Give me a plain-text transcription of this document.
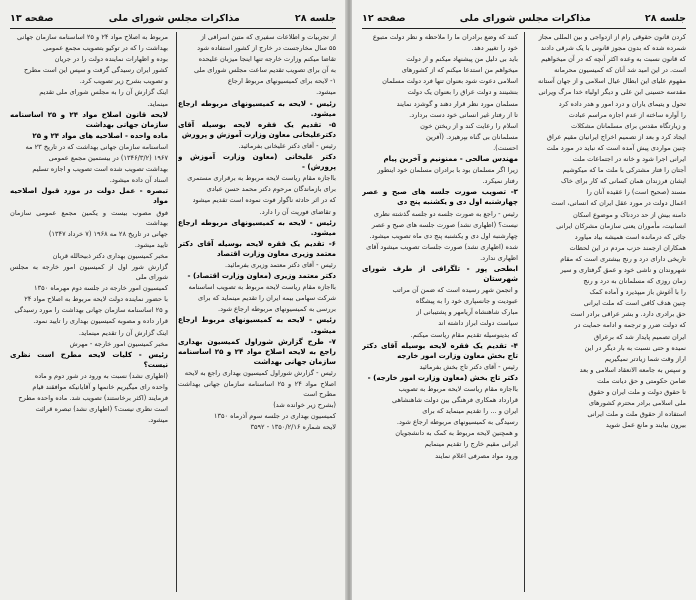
جلسه ۲۸
مذاکرات مجلس شورای ملی
صفحه ۱۳

از تجربیات و اطلاعات سفیری که متین اسرافی از

۵۵ سال مخارجست در خارج از کشور استفاده شود

تقاضا میکنم وزارت خارجه تنها اینجا میزبان علیحده

به آن برای تصویب تقدیم ساعت مجلس شورای ملی

۱- لایحه برای کمیسیونهای مربوط ارجاع

میشود.

رئیس - لایحه به کمیسیونهای مربوطه ارجاع میشود.

۵- تقدیم یک فقره لایحه بوسیله آقای دکترعلیخانی معاون وزارت آموزش و پرورش

رئیس - آقای دکتر علیخانی بفرمائید.

دکتر علیخانی (معاون وزارت آموزش و پرورش) -

بااجازه مقام ریاست لایحه مربوط به برقراری مستمری

برای بازماندگان مرحوم دکتر محمد حسن عبادی

که در اثر حادثه ناگوار فوت نموده است تقدیم میشود

و تقاضای فوریت آن را دارد.

رئیس - لایحه به کمیسیونهای مربوطه ارجاع میشود.

۶- تقدیم یک فقره لایحه بوسیله آقای دکتر معتمد وزیری معاون وزارت اقتصاد

رئیس - آقای دکتر معتمد وزیری بفرمائید.

دکتر معتمد وزیری (معاون وزارت اقتصاد) -

بااجازه مقام ریاست لایحه مربوط به تصویب اساسنامه

شرکت سهامی بیمه ایران را تقدیم مینماید که برای

بررسی به کمیسیونهای مربوطه ارجاع شود.

رئیس - لایحه به کمیسیونهای مربوط ارجاع میشود.

۷- طرح گزارش شوراول کمیسیون بهداری راجع به لایحه اصلاح مواد ۲۴ و ۲۵ اساسنامه سازمان جهانی بهداشت

رئیس - گزارش شوراول کمیسیون بهداری راجع به لایحه

اصلاح مواد ۲۴ و ۲۵ اساسنامه سازمان جهانی بهداشت مطرح است

(بشرح زیر خوانده شد)

کمیسیون بهداری در جلسه سوم آذرماه ۱۳۵۰

لایحه شماره ۱۳۵۰/۲/۱۶ - ۳۵۹۲

مربوط به اصلاح مواد ۲۴ و ۲۵ اساسنامه سازمان جهانی

بهداشت را که در توکیو بتصویب مجمع عمومی

بوده و اظهارات نماینده دولت را در جریان

کشور ایران رسیدگی گرفت و سپس این است مطرح

و تصویب بشرح زیر تصویب کرد.

اینک گزارش آن را به مجلس شورای ملی تقدیم

مینماید.

لایحه قانون اصلاح مواد ۲۴ و ۲۵ اساسنامه سازمان جهانی بهداشت

ماده واحده - اصلاحیه های مواد ۲۴ و ۲۵

اساسنامه سازمان جهانی بهداشت که در تاریخ ۲۳ مه

۱۹۶۷ (۱۳۴۶/۳/۲) در بیستمین مجمع عمومی

بهداشت تصویب شده است تصویب و اجازه تسلیم

اسناد آن داده میشود.

تبصره - عمل دولت در مورد قبول اصلاحیه مواد

فوق مصوب بیست و یکمین مجمع عمومی سازمان بهداشت

جهانی در تاریخ ۲۸ مه ۱۹۶۸ (۷ خرداد ۱۳۴۷)

تایید میشود.

مخبر کمیسیون بهداری دکتر ذبیحالله قربان

گزارش شور اول از کمیسیون امور خارجه به مجلس شورای ملی

کمیسیون امور خارجه در جلسه دوم مهرماه ۱۳۵۰

با حضور نماینده دولت لایحه مربوط به اصلاح مواد ۲۴

و ۲۵ اساسنامه سازمان جهانی بهداشت را مورد رسیدگی

قرار داده و مصوبه کمیسیون بهداری را تایید نمود.

اینک گزارش آن را تقدیم مینماید.

مخبر کمیسیون امور خارجه - مهرش

رئیس - کلیات لایحه مطرح است نظری نیست؟

(اظهاری نشد) نسبت به ورود در شور دوم و ماده

واحده رای میگیریم خانمها و آقایانیکه موافقند قیام

فرمایند (اکثر برخاستند) تصویب شد. ماده واحده مطرح

است نظری نیست؟ (اظهاری نشد) تبصره قرائت

میشود.

جلسه ۲۸
مذاکرات مجلس شورای ملی
صفحه ۱۲

کردن قانون حقوقی رام از ازدواجی و بین المللی مجاز

شمرده شده که بدون مجوز قانونی با یک شرقی دادند

که قانون نسبت به وعده اکثر آنچه که در آن میخواهیم

است. در این امید شد آنان که کمیسیون محرمانه

مفهوم علیای این ابطال عیال اسلامی و از جهان آستانه

مقدسه حسینی ابن علی و دیگر اولیاء خدا مرگ ویرانی

تحول و یتیمای یاران و درد امور و هدر داده کرد

را آواره ساخته از عدم اجازه مراسم عبادت

و زیارتگاه مقدس برای مسلمانان مشکلات

ایجاد کرد و بعد از تصمیم اخراج ایرانیان مقیم عراق

چنین مواردی پیش آمده است که نباید در مورد ملت

ایرانی اجرا شود و خانه در اجتماعات ملت

آجتان را فتار مشترکی با ملت ما که میکوشیم

ایشان فرزندان همان کسانی که کار برای خاک

مسند (صحیح است) را عقیده آنان را

اعمال دولت در مورد عقل ایران که انسانی، است

دامنه بیش از حد دردناک و موضوع اسکان

انسانیت، مأموران یعنی سازمان مشرکان ایرانی

جائی که درمانده است همیشه بیاد میاورد

همکاران ارجمند حزب مردم در این لحظات

تاریخی دارای درد و رنج بیشتری است که مقام

شهروندان و ناشی خود و عمق گرفتاری و سیر

زمان روزی که مسلمانان به درد و رنج

را با آغوش باز میپذیرد و آماده کمک

چنین هدف کافی است که ملت ایرانی

حق برادری دارد. و بشر عراقی برادر است

که دولت ضرر و ترجمه و ادامه حمایت در

ایران تصمیم پایدار شد که برعراق

نمیده و حتی نسبت به بار دیگر در این

اراز وقت شما زیادتر نمیگیریم

و سپس به جامعه الانعقاد اسلامی و بعد

ضامن حکومتی و حق دیانت ملت

تا حقوق دولت و ملت ایران و حقوق

ملی اسلامی برادر محترم کشورهای

استفاده از حقوق ملت و ملت ایرانی

بیرون بیایند و مانع عمل شوید

کنند که وضع برادران ما را ملاحظه و نظر دولت متبوع

خود را تغییر دهد.

باید بی دلیل من پیشنهاد میکنم و از دولت

میخواهم من استدعا میکنم که از کشورهای

اسلامی دعوت شود بعنوان تنها فرد دولت مسلمان

بنشینند و دولت عراق را بعنوان یک دولت

مسلمان مورد نظر قرار دهند و گوشزد نمایند

تا از رفتار غیر انسانی خود دست بردارد.

اسلام را رعایت کند و از ریختن خون

مسلمانان بی گناه بپرهیزد. (آفرین

احسنت).

مهندس صالحی - ممنونیم و آخرین پیام

زیرا اگر مسلمان بود با برادران مسلمان خود اینطور

رفتار نمیکرد.

۳- تصویب صورت جلسه های صبح و عصر چهارشنبه اول دی و یکشنبه پنج دی

رئیس - راجع به صورت جلسه دو جلسه گذشته نظری

نیست؟ (اظهاری نشد) صورت جلسه های صبح و عصر

چهارشنبه اول دی و یکشنبه پنج دی ماه تصویب میشود.

شده (اظهاری نشد) صورت جلسات تصویب میشود آقای

اظهاری ندارد.

ابطحی پور - تلگرافی از طرف شورای شهرستان

و انجمن شهر رسیده است که ضمن آن مراتب

عبودیت و جانسپاری خود را به پیشگاه

مبارک شاهنشاه آریامهر و پشتیبانی از

سیاست دولت ابراز داشته اند

که بدینوسیله تقدیم مقام ریاست میکنم.

۴- تقدیم یک فقره لایحه بوسیله آقای دکتر تاج بخش معاون وزارت امور خارجه

رئیس - آقای دکتر تاج بخش بفرمائید

دکتر تاج بخش (معاون وزارت امور خارجه) -

بااجازه مقام ریاست لایحه مربوط به تصویب

قرارداد همکاری فرهنگی بین دولت شاهنشاهی

ایران و ... را تقدیم مینماید که برای

رسیدگی به کمیسیونهای مربوطه ارجاع شود.

و همچنین لایحه مربوط به کمک به دانشجویان

ایرانی مقیم خارج را تقدیم مینمایم

ورود مواد مصرفی اعلام نمایند
